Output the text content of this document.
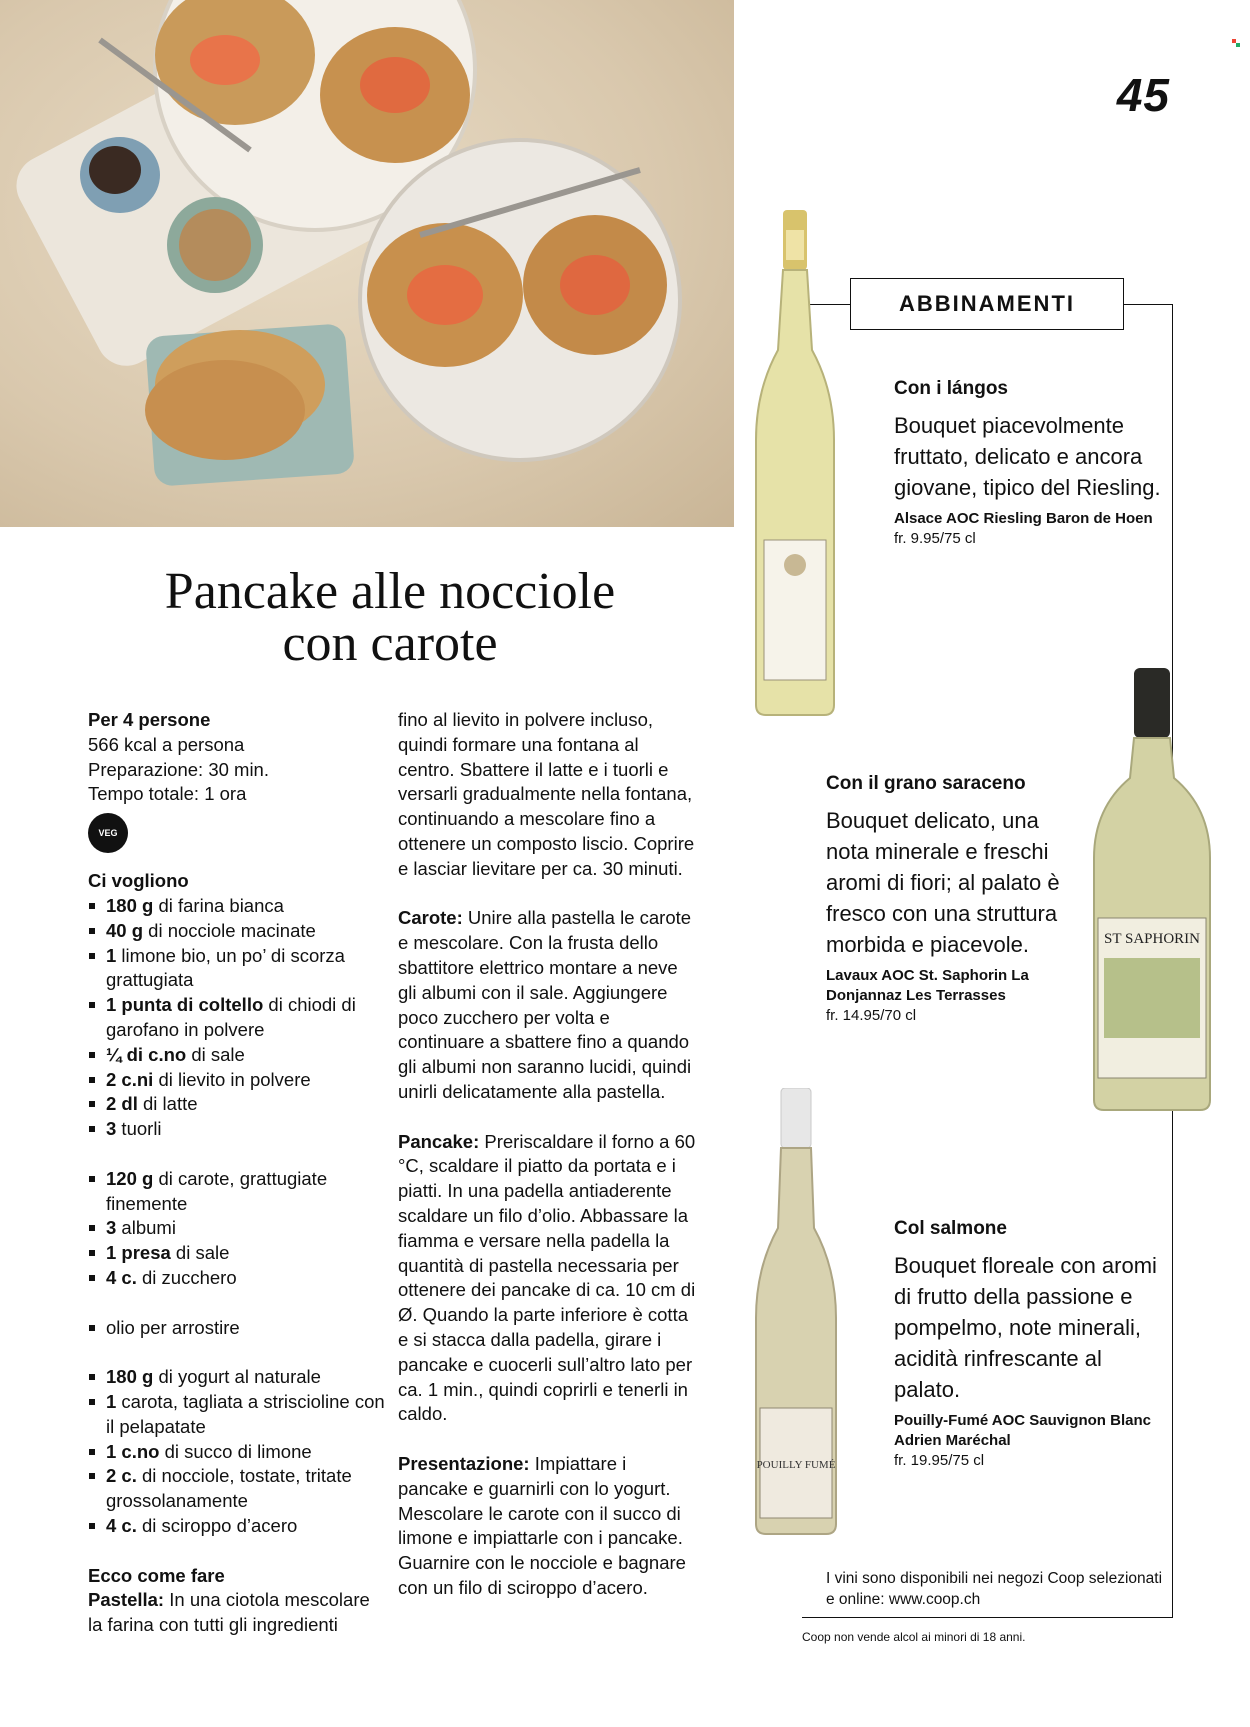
45
Pancake alle nocciole
con carote

Per 4 persone

566 kcal a persona

Preparazione: 30 min.

Tempo totale: 1 ora

VEG

Ci vogliono

180 g di farina bianca
40 g di nocciole macinate
1 limone bio, un po’ di scorza grattugiata
1 punta di coltello di chiodi di garofano in polvere
¼ di c.no di sale
2 c.ni di lievito in polvere
2 dl di latte
3 tuorli
120 g di carote, grattugiate finemente
3 albumi
1 presa di sale
4 c. di zucchero
olio per arrostire
180 g di yogurt al naturale
1 carota, tagliata a striscioline con il pelapatate
1 c.no di succo di limone
2 c. di nocciole, tostate, tritate grossolanamente
4 c. di sciroppo d’acero

Ecco come fare

Pastella: In una ciotola mescolare la farina con tutti gli ingredienti

fino al lievito in polvere incluso, quindi formare una fontana al centro. Sbattere il latte e i tuorli e versarli gradualmente nella fontana, continuando a mescolare fino a ottenere un composto liscio. Coprire e lasciar lievitare per ca. 30 minuti.

Carote: Unire alla pastella le carote e mescolare. Con la frusta dello sbattitore elettrico montare a neve gli albumi con il sale. Aggiungere poco zucchero per volta e continuare a sbattere fino a quando gli albumi non saranno lucidi, quindi unirli delicatamente alla pastella.

Pancake: Preriscaldare il forno a 60 °C, scaldare il piatto da portata e i piatti. In una padella antiaderente scaldare un filo d’olio. Abbassare la fiamma e versare nella padella la quantità di pastella necessaria per ottenere dei pancake di ca. 10 cm di Ø. Quando la parte inferiore è cotta e si stacca dalla padella, girare i pancake e cuocerli sull’altro lato per ca. 1 min., quindi coprirli e tenerli in caldo.

Presentazione: Impiattare i pancake e guarnirli con lo yogurt. Mescolare le carote con il succo di limone e impiattarle con i pancake. Guarnire con le nocciole e bagnare con un filo di sciroppo d’acero.

ABBINAMENTI
ST SAPHORIN
POUILLY FUMÉ
Con i lángos
Bouquet piacevolmente fruttato, delicato e ancora giovane, tipico del Riesling.
Alsace AOC Riesling Baron de Hoen
fr. 9.95/75 cl
Con il grano saraceno
Bouquet delicato, una nota minerale e freschi aromi di fiori; al palato è fresco con una struttura morbida e piacevole.
Lavaux AOC St. Saphorin La Donjannaz Les Terrasses
fr. 14.95/70 cl
Col salmone
Bouquet floreale con aromi di frutto della passione e pompelmo, note minerali, acidità rinfrescante al palato.
Pouilly-Fumé AOC Sauvignon Blanc Adrien Maréchal
fr. 19.95/75 cl
I vini sono disponibili nei negozi Coop selezionati e online: www.coop.ch
Coop non vende alcol ai minori di 18 anni.
